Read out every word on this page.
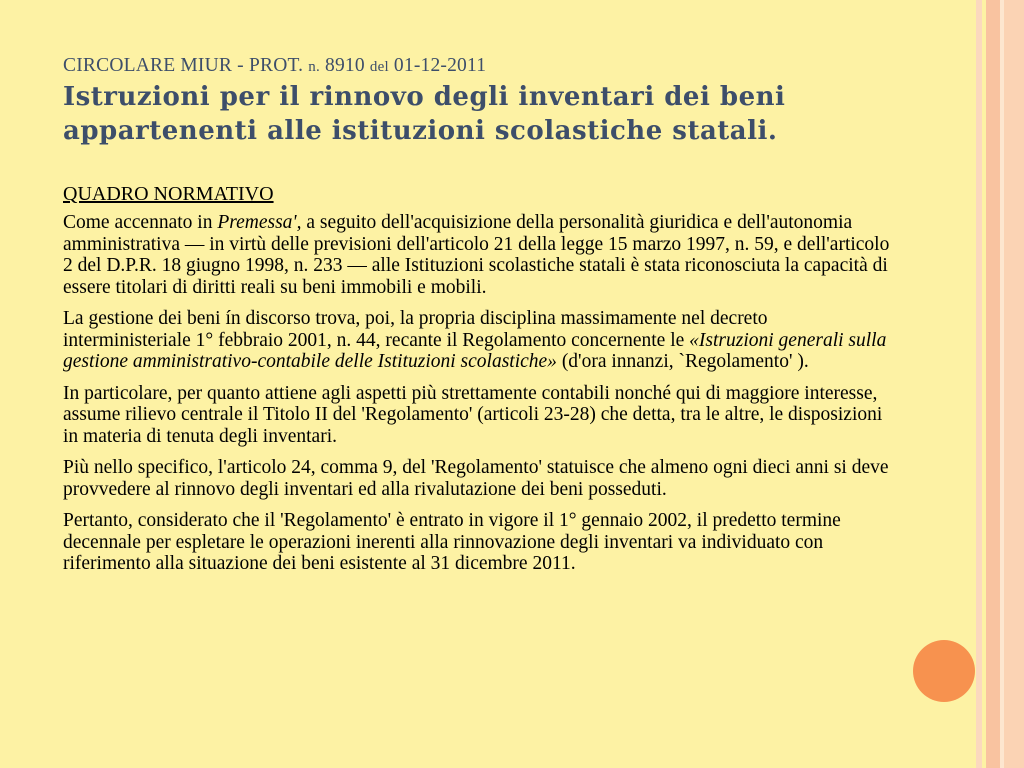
CIRCOLARE MIUR - PROT. n. 8910 del 01-12-2011
Istruzioni per il rinnovo degli inventari dei beni
appartenenti alle istituzioni scolastiche statali.
QUADRO NORMATIVO

Come accennato in Premessa', a seguito dell'acquisizione della personalità giuridica e dell'autonomia amministrativa — in virtù delle previsioni dell'articolo 21 della legge 15 marzo 1997, n. 59, e dell'articolo 2 del D.P.R. 18 giugno 1998, n. 233 — alle Istituzioni scolastiche statali è stata riconosciuta la capacità di essere titolari di diritti reali su beni immobili e mobili.

La gestione dei beni ín discorso trova, poi, la propria disciplina massimamente nel decreto interministeriale 1° febbraio 2001, n. 44, recante il Regolamento concernente le «Istruzioni generali sulla gestione amministrativo-contabile delle Istituzioni scolastiche» (d'ora innanzi, `Regolamento' ).

In particolare, per quanto attiene agli aspetti più strettamente contabili nonché qui di maggiore interesse, assume rilievo centrale il Titolo II del 'Regolamento' (articoli 23-28) che detta, tra le altre, le disposizioni in materia di tenuta degli inventari.

Più nello specifico, l'articolo 24, comma 9, del 'Regolamento' statuisce che almeno ogni dieci anni si deve provvedere al rinnovo degli inventari ed alla rivalutazione dei beni posseduti.

Pertanto, considerato che il 'Regolamento' è entrato in vigore il 1° gennaio 2002, il predetto termine decennale per espletare le operazioni inerenti alla rinnovazione degli inventari va individuato con riferimento alla situazione dei beni esistente al 31 dicembre 2011.
